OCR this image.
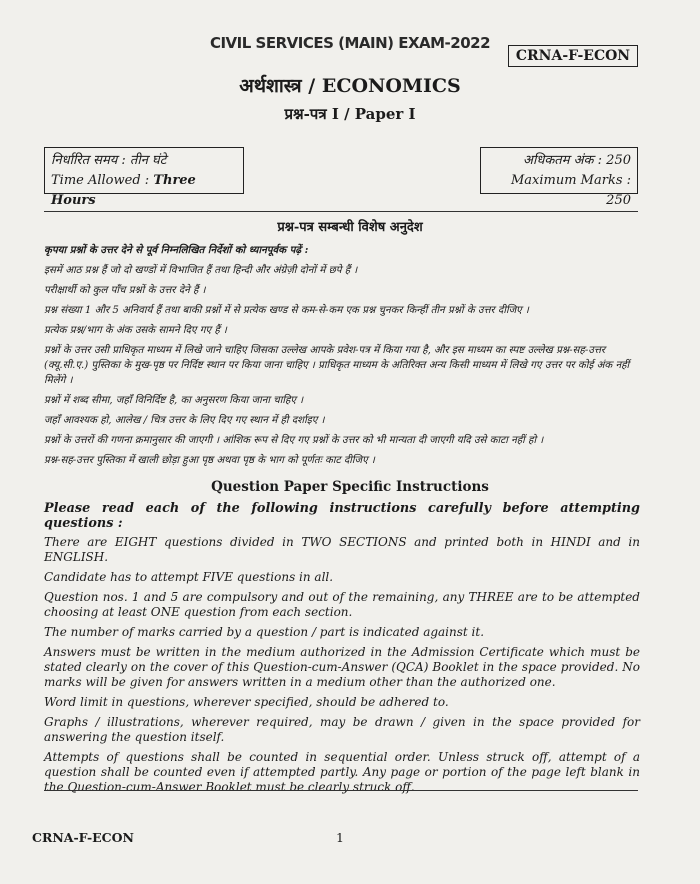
CIVIL SERVICES (MAIN) EXAM-2022
CRNA-F-ECON
अर्थशास्त्र / ECONOMICS
प्रश्न-पत्र I / Paper I
निर्धारित समय : तीन घंटे
Time Allowed : Three Hours
अधिकतम अंक : 250
Maximum Marks : 250
प्रश्न-पत्र सम्बन्धी विशेष अनुदेश

कृपया प्रश्नों के उत्तर देने से पूर्व निम्नलिखित निर्देशों को ध्यानपूर्वक पढ़ें :

इसमें आठ प्रश्न हैं जो दो खण्डों में विभाजित हैं तथा हिन्दी और अंग्रेज़ी दोनों में छपे हैं ।

परीक्षार्थी को कुल पाँच प्रश्नों के उत्तर देने हैं ।

प्रश्न संख्या 1 और 5 अनिवार्य हैं तथा बाकी प्रश्नों में से प्रत्येक खण्ड से कम-से-कम एक प्रश्न चुनकर किन्हीं तीन प्रश्नों के उत्तर दीजिए ।

प्रत्येक प्रश्न/भाग के अंक उसके सामने दिए गए हैं ।

प्रश्नों के उत्तर उसी प्राधिकृत माध्यम में लिखे जाने चाहिए जिसका उल्लेख आपके प्रवेश-पत्र में किया गया है, और इस माध्यम का स्पष्ट उल्लेख प्रश्न-सह-उत्तर (क्यू.सी.ए.) पुस्तिका के मुख-पृष्ठ पर निर्दिष्ट स्थान पर किया जाना चाहिए । प्राधिकृत माध्यम के अतिरिक्त अन्य किसी माध्यम में लिखे गए उत्तर पर कोई अंक नहीं मिलेंगे ।

प्रश्नों में शब्द सीमा, जहाँ विनिर्दिष्ट है, का अनुसरण किया जाना चाहिए ।

जहाँ आवश्यक हो, आलेख / चित्र उत्तर के लिए दिए गए स्थान में ही दर्शाइए ।

प्रश्नों के उत्तरों की गणना क्रमानुसार की जाएगी । आंशिक रूप से दिए गए प्रश्नों के उत्तर को भी मान्यता दी जाएगी यदि उसे काटा नहीं हो ।

प्रश्न-सह-उत्तर पुस्तिका में खाली छोड़ा हुआ पृष्ठ अथवा पृष्ठ के भाग को पूर्णतः काट दीजिए ।

Question Paper Specific Instructions

Please read each of the following instructions carefully before attempting questions :

There are EIGHT questions divided in TWO SECTIONS and printed both in HINDI and in ENGLISH.

Candidate has to attempt FIVE questions in all.

Question nos. 1 and 5 are compulsory and out of the remaining, any THREE are to be attempted choosing at least ONE question from each section.

The number of marks carried by a question / part is indicated against it.

Answers must be written in the medium authorized in the Admission Certificate which must be stated clearly on the cover of this Question-cum-Answer (QCA) Booklet in the space provided. No marks will be given for answers written in a medium other than the authorized one.

Word limit in questions, wherever specified, should be adhered to.

Graphs / illustrations, wherever required, may be drawn / given in the space provided for answering the question itself.

Attempts of questions shall be counted in sequential order. Unless struck off, attempt of a question shall be counted even if attempted partly. Any page or portion of the page left blank in the Question-cum-Answer Booklet must be clearly struck off.

CRNA-F-ECON	1
